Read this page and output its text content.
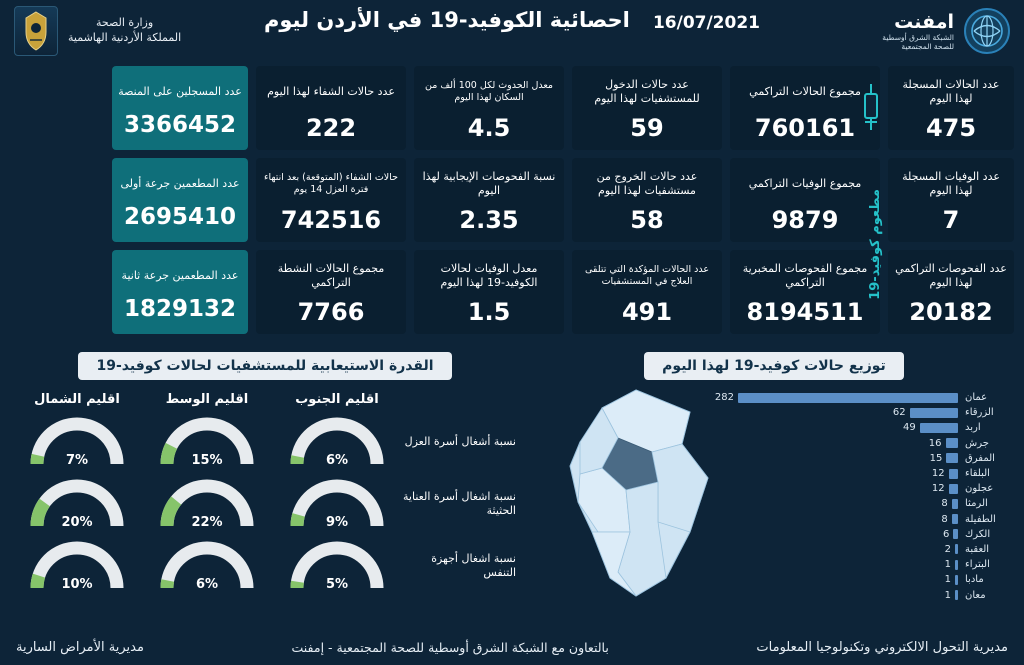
امفنت
الشبكة الشرق أوسطية
للصحة المجتمعية
16/07/2021 احصائية الكوفيد-19 في الأردن ليوم
وزارة الصحة
المملكة الأردنية الهاشمية
عدد الحالات المسجلة لهذا اليوم
475
مجموع الحالات التراكمي
760161
عدد حالات الدخول للمستشفيات لهذا اليوم
59
معدل الحدوث لكل 100 ألف من السكان لهذا اليوم
4.5
عدد حالات الشفاء لهذا اليوم
222
عدد المسجلين على المنصة
3366452
عدد الوفيات المسجلة لهذا اليوم
7
مجموع الوفيات التراكمي
9879
عدد حالات الخروج من مستشفيات لهذا اليوم
58
نسبة الفحوصات الإيجابية لهذا اليوم
2.35
حالات الشفاء (المتوقعة) بعد انتهاء فترة العزل 14 يوم
742516
عدد المطعمين جرعة أولى
2695410
عدد الفحوصات التراكمي لهذا اليوم
20182
مجموع الفحوصات المخبرية التراكمي
8194511
عدد الحالات المؤكدة التي تتلقى العلاج في المستشفيات
491
معدل الوفيات لحالات الكوفيد-19 لهذا اليوم
1.5
مجموع الحالات النشطة التراكمي
7766
عدد المطعمين جرعة ثانية
1829132
مطعوم كوفيد-19
توزيع حالات كوفيد-19 لهذا اليوم
عمان
282
الزرقاء
62
اربد
49
جرش
16
المفرق
15
البلقاء
12
عجلون
12
الرمثا
8
الطفيلة
8
الكرك
6
العقبة
2
البتراء
1
مادبا
1
معان
1
القدرة الاستيعابية للمستشفيات لحالات كوفيد-19
اقليم الجنوب
اقليم الوسط
اقليم الشمال
نسبة أشغال أسرة العزل
6%
15%
7%
نسبة اشغال أسرة العناية الحثيثة
9%
22%
20%
نسبة اشغال أجهزة التنفس
5%
6%
10%
مديرية التحول الالكتروني وتكنولوجيا المعلومات
بالتعاون مع الشبكة الشرق أوسطية للصحة المجتمعية - إمفنت
مديرية الأمراض السارية
